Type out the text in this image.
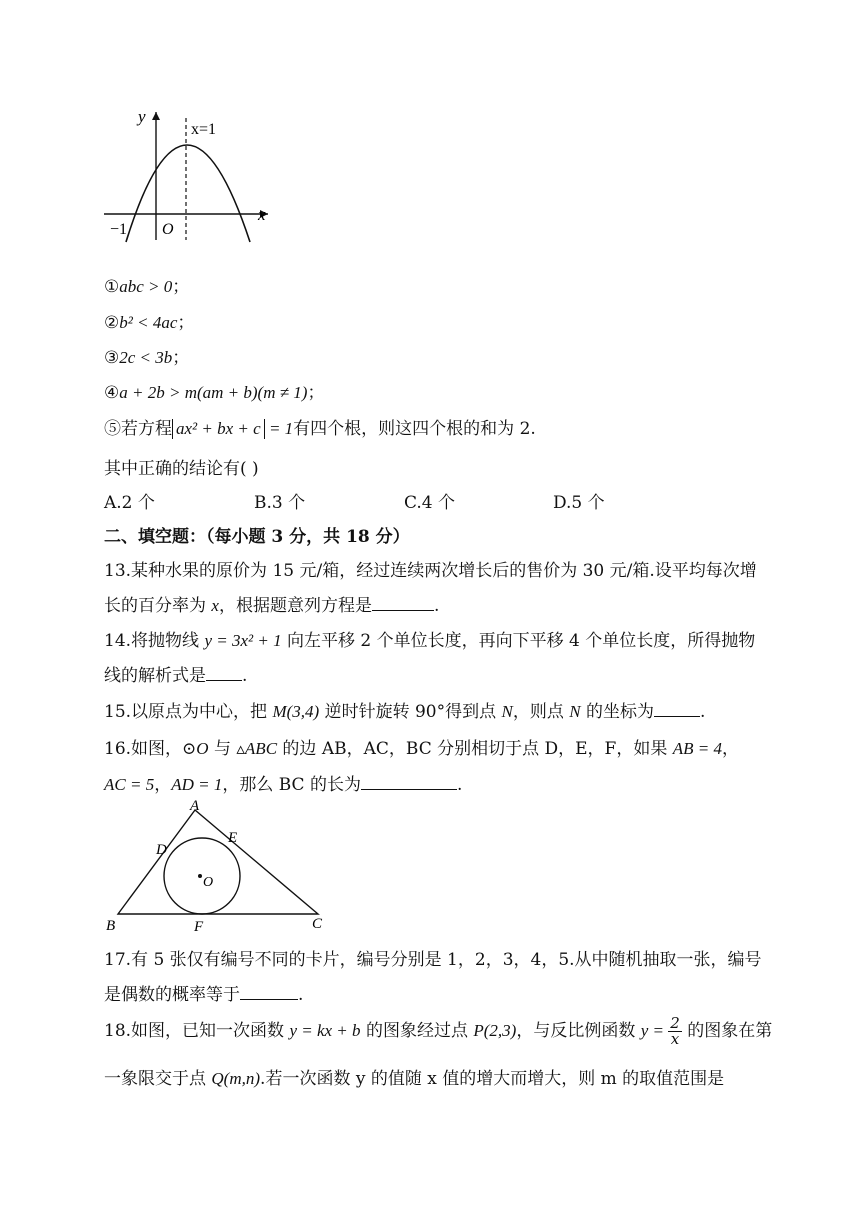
y
x
x=1
−1 O
①abc > 0；
②b² < 4ac；
③2c < 3b；
④a + 2b > m(am + b)(m ≠ 1)；
⑤若方程 ax² + bx + c = 1有四个根，则这四个根的和为 2.
其中正确的结论有( )
A.2 个	B.3 个	C.4 个	D.5 个
二、填空题：（每小题 3 分，共 18 分）
13.某种水果的原价为 15 元/箱，经过连续两次增长后的售价为 30 元/箱.设平均每次增
长的百分率为 x，根据题意列方程是	.
14.将抛物线 y = 3x² + 1 向左平移 2 个单位长度，再向下平移 4 个单位长度，所得抛物
线的解析式是 .
15.以原点为中心，把 M(3,4) 逆时针旋转 90°得到点 N，则点 N 的坐标为	.
16.如图，⊙O 与 ▵ABC 的边 AB，AC，BC 分别相切于点 D，E，F，如果 AB = 4，
AC = 5，AD = 1，那么 BC 的长为	.
A
B	C
D
E
F
O
17.有 5 张仅有编号不同的卡片，编号分别是 1，2，3，4，5.从中随机抽取一张，编号
是偶数的概率等于	.
18.如图，已知一次函数 y = kx + b 的图象经过点 P(2,3)，与反比例函数 $y = \frac{2}{x}$ 的图象在第
一象限交于点 Q(m,n).若一次函数 y 的值随 x 值的增大而增大，则 m 的取值范围是
